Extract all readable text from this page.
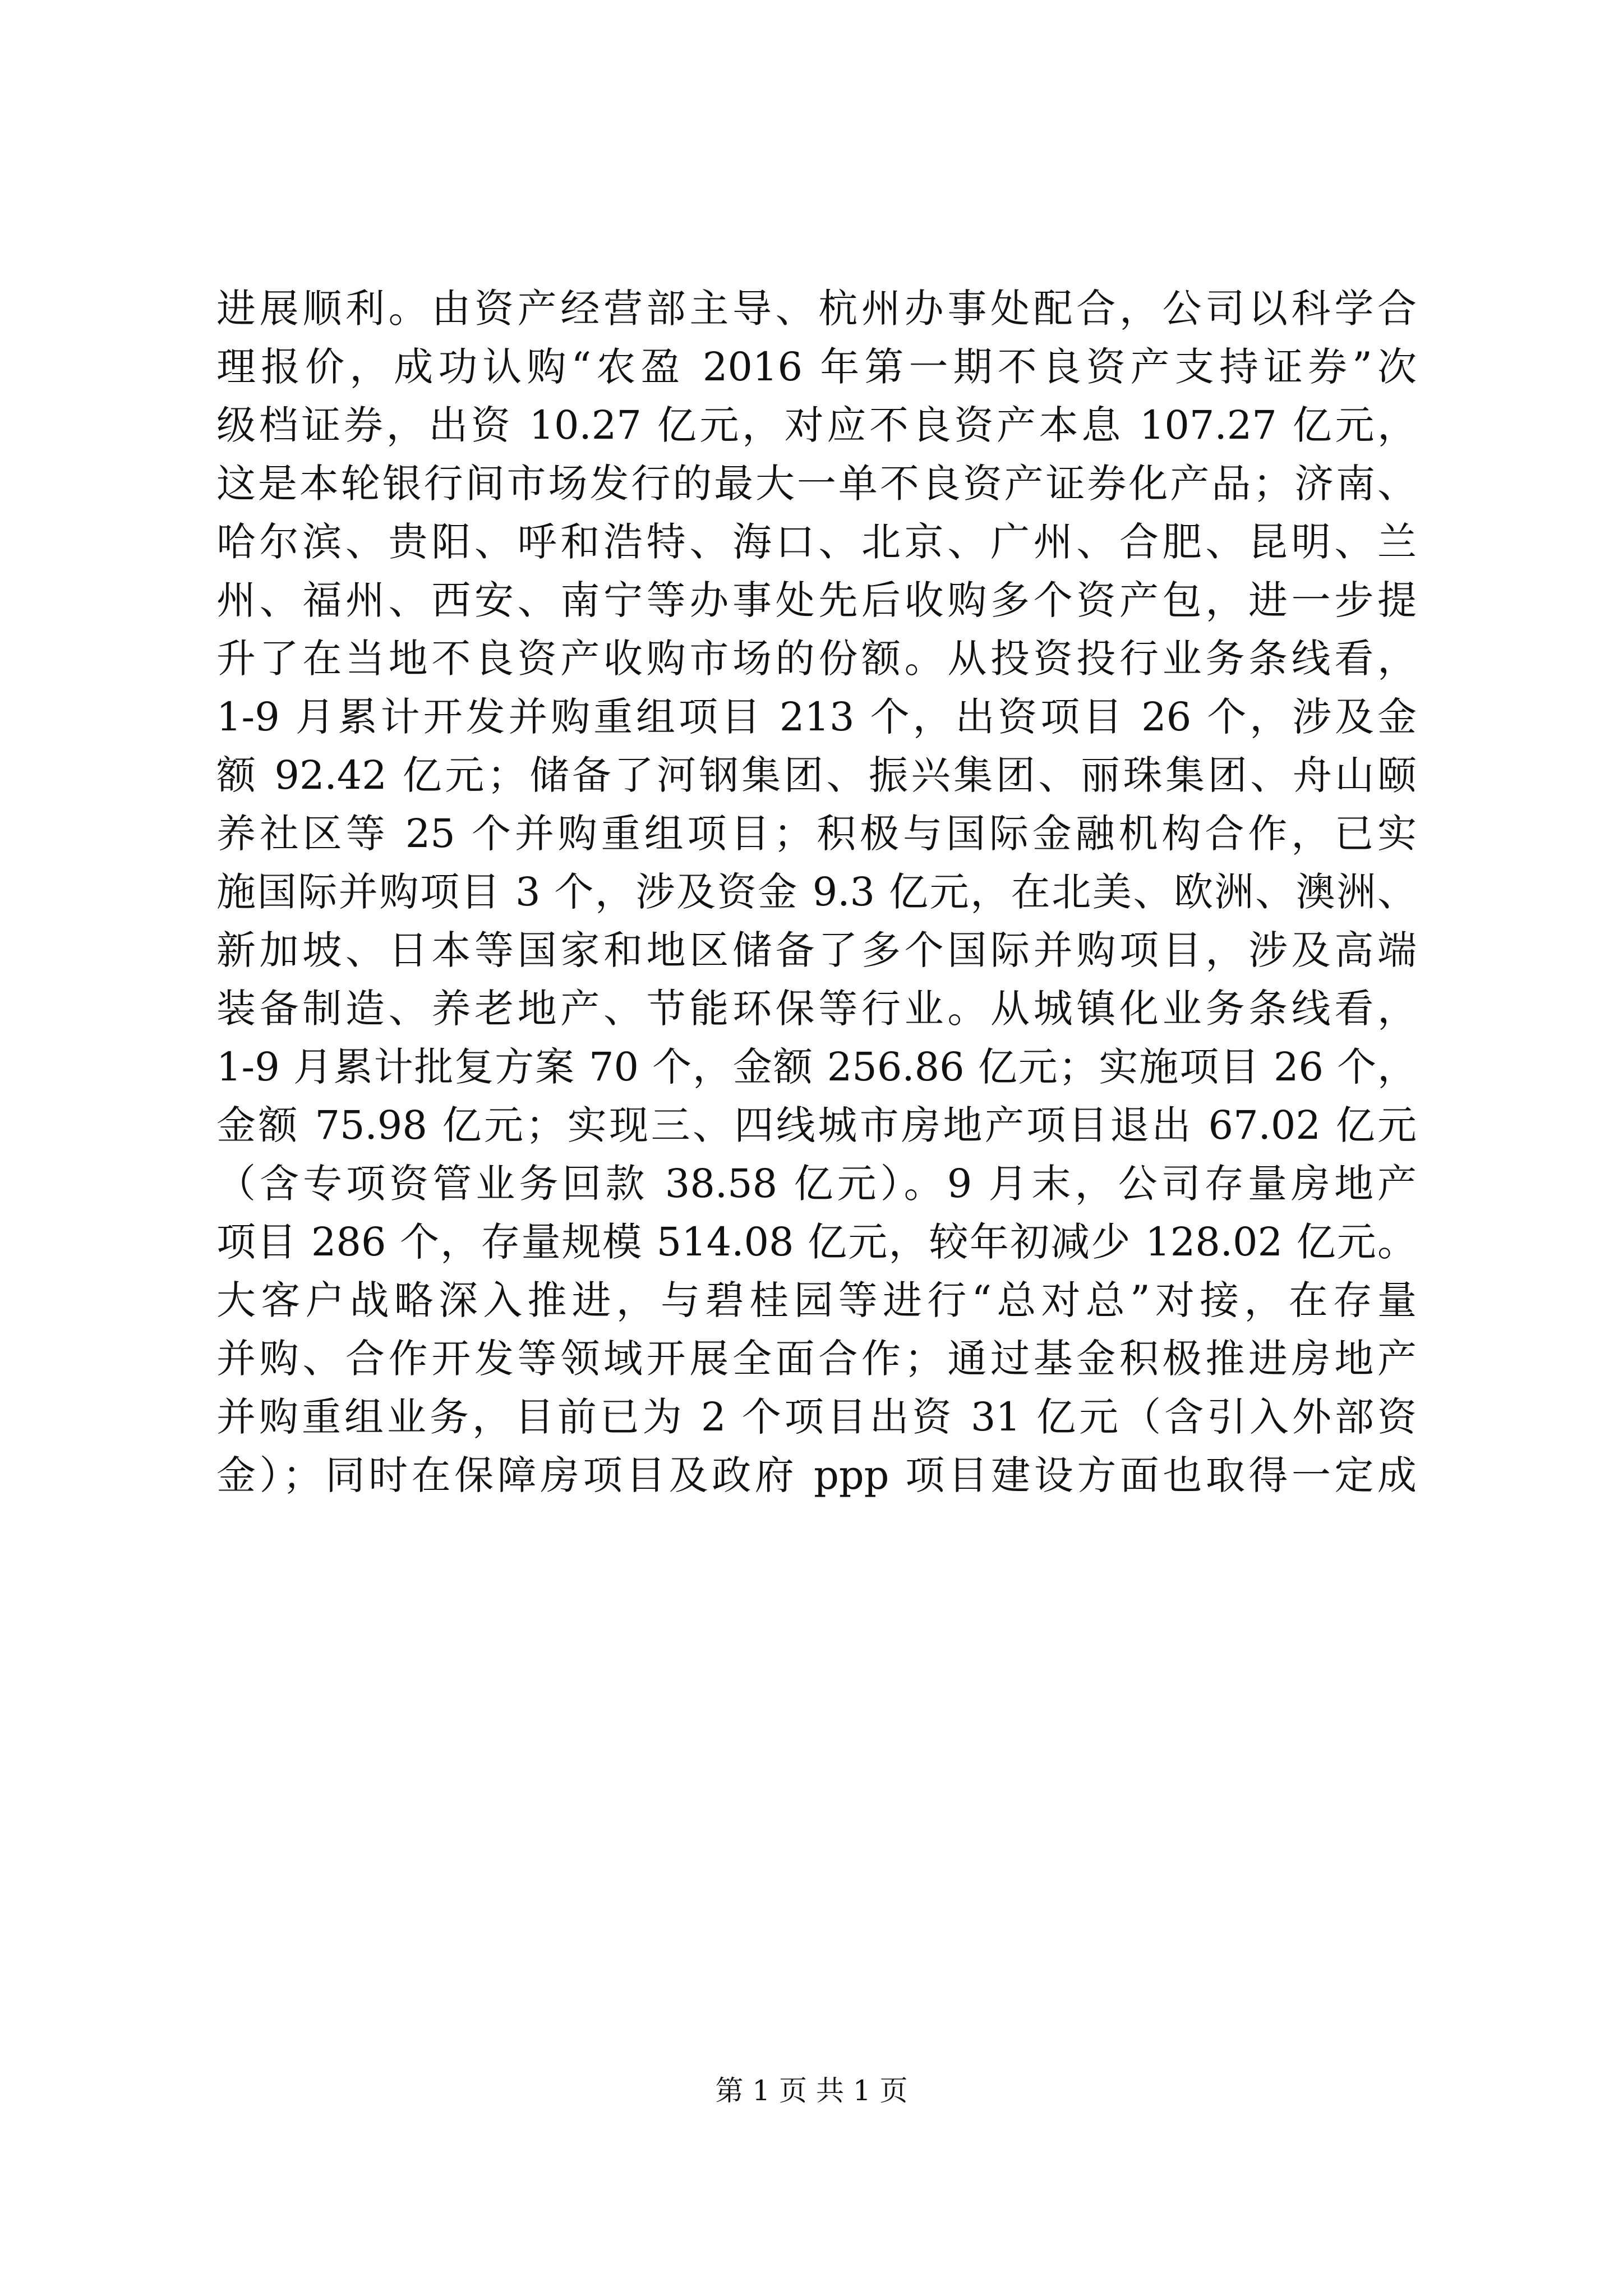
进展顺利。由资产经营部主导、杭州办事处配合，公司以科学合
理报价，成功认购“农盈 2016 年第一期不良资产支持证券”次
级档证券，出资 10.27 亿元，对应不良资产本息 107.27 亿元，
这是本轮银行间市场发行的最大一单不良资产证券化产品；济南、
哈尔滨、贵阳、呼和浩特、海口、北京、广州、合肥、昆明、兰
州、福州、西安、南宁等办事处先后收购多个资产包，进一步提
升了在当地不良资产收购市场的份额。从投资投行业务条线看，
1-9 月累计开发并购重组项目 213 个，出资项目 26 个，涉及金
额 92.42 亿元；储备了河钢集团、振兴集团、丽珠集团、舟山颐
养社区等 25 个并购重组项目；积极与国际金融机构合作，已实
施国际并购项目 3 个，涉及资金 9.3 亿元，在北美、欧洲、澳洲、
新加坡、日本等国家和地区储备了多个国际并购项目，涉及高端
装备制造、养老地产、节能环保等行业。从城镇化业务条线看，
1-9 月累计批复方案 70 个，金额 256.86 亿元；实施项目 26 个，
金额 75.98 亿元；实现三、四线城市房地产项目退出 67.02 亿元
（含专项资管业务回款 38.58 亿元）。9 月末，公司存量房地产
项目 286 个，存量规模 514.08 亿元，较年初减少 128.02 亿元。
大客户战略深入推进，与碧桂园等进行“总对总”对接，在存量
并购、合作开发等领域开展全面合作；通过基金积极推进房地产
并购重组业务，目前已为 2 个项目出资 31 亿元（含引入外部资
金）；同时在保障房项目及政府 ppp 项目建设方面也取得一定成
第 1 页 共 1 页
